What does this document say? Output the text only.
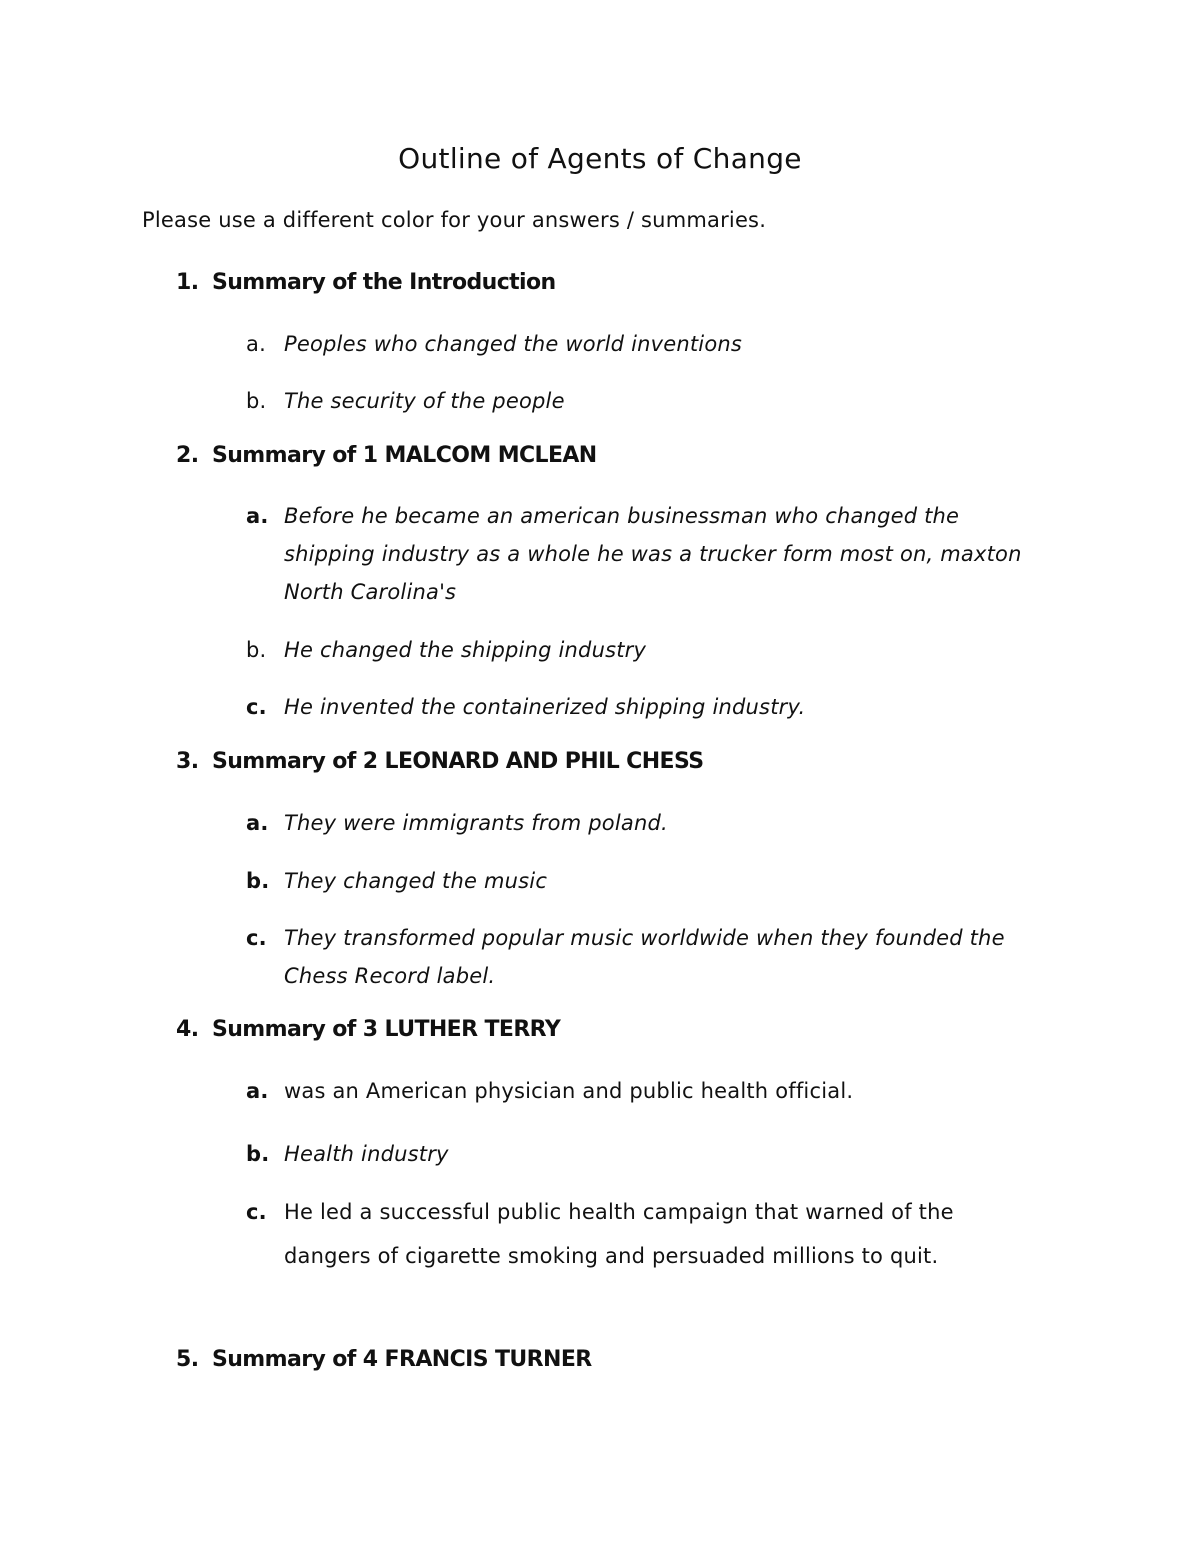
Outline of Agents of Change

Please use a different color for your answers / summaries.

1. Summary of the Introduction

a. Peoples who changed the world inventions

b. The security of the people

2. Summary of 1 MALCOM MCLEAN

a. Before he became an american businessman who changed the shipping industry as a whole he was a trucker form most on, maxton North Carolina's

b. He changed the shipping industry

c. He invented the containerized shipping industry.

3. Summary of 2 LEONARD AND PHIL CHESS

a. They were immigrants from poland.

b. They changed the music

c. They transformed popular music worldwide when they founded the Chess Record label.

4. Summary of 3 LUTHER TERRY

a. was an American physician and public health official.

b. Health industry

c. He led a successful public health campaign that warned of the dangers of cigarette smoking and persuaded millions to quit.

5. Summary of 4 FRANCIS TURNER
